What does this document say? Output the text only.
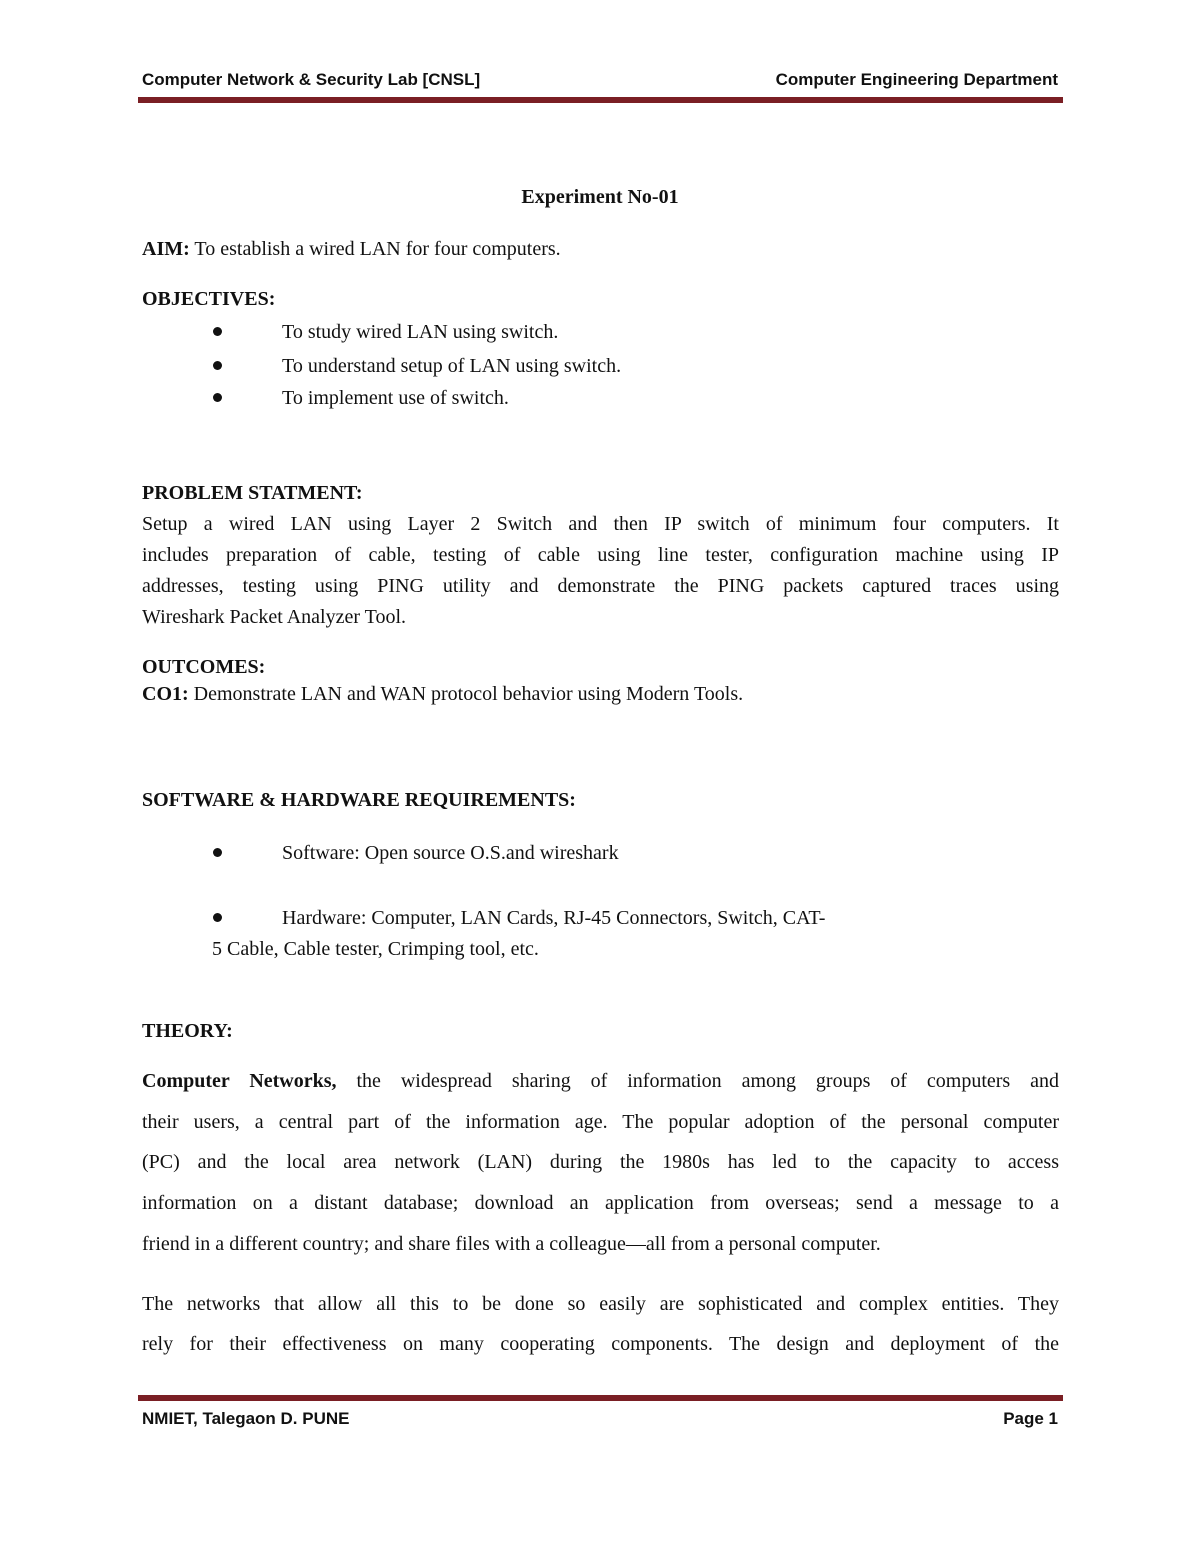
Computer Network & Security Lab [CNSL]	Computer Engineering Department
Experiment No-01
AIM: To establish a wired LAN for four computers.
OBJECTIVES:
To study wired LAN using switch.
To understand setup of LAN using switch.
To implement use of switch.
PROBLEM STATMENT:
Setup a wired LAN using Layer 2 Switch and then IP switch of minimum four computers. It
includes preparation of cable, testing of cable using line tester, configuration machine using IP
addresses, testing using PING utility and demonstrate the PING packets captured traces using
Wireshark Packet Analyzer Tool.
OUTCOMES:
CO1: Demonstrate LAN and WAN protocol behavior using Modern Tools.
SOFTWARE & HARDWARE REQUIREMENTS:
Software: Open source O.S.and wireshark
Hardware: Computer, LAN Cards, RJ-45 Connectors, Switch, CAT-
5 Cable, Cable tester, Crimping tool, etc.
THEORY:
Computer Networks, the widespread sharing of information among groups of computers and
their users, a central part of the information age. The popular adoption of the personal computer
(PC) and the local area network (LAN) during the 1980s has led to the capacity to access
information on a distant database; download an application from overseas; send a message to a
friend in a different country; and share files with a colleague—all from a personal computer.
The networks that allow all this to be done so easily are sophisticated and complex entities. They
rely for their effectiveness on many cooperating components. The design and deployment of the
NMIET, Talegaon D. PUNE	Page 1
